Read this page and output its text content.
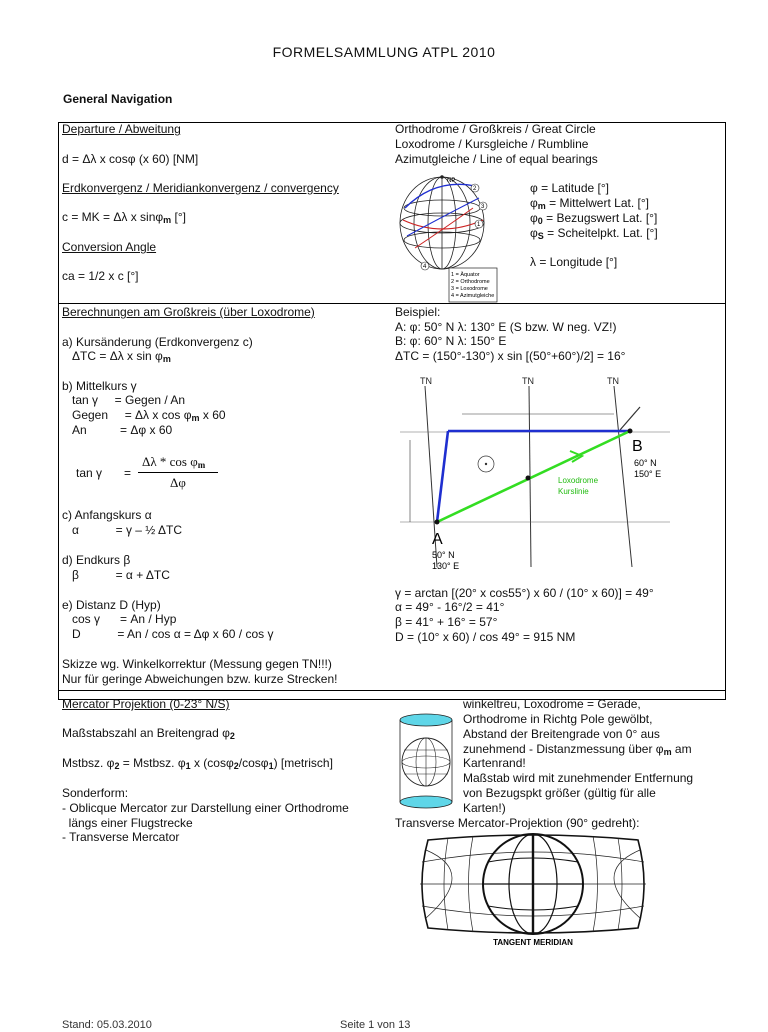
FORMELSAMMLUNG ATPL 2010
General Navigation
Departure / Abweitung
d = Δλ x cosφ (x 60) [NM]
Erdkonvergenz / Meridiankonvergenz / convergency
c = MK = Δλ x sinφ$_m$ [°]
Conversion Angle
ca = 1/2 x c [°]
Orthodrome / Großkreis / Great Circle
Loxodrome / Kursgleiche / Rumbline
Azimutgleiche / Line of equal bearings
NP
2
3
1
4
1 = Äquator
2 = Orthodrome
3 = Loxodrome
4 = Azimutgleiche
φ = Latitude [°]
$\varphi_m$ = Mittelwert Lat. [°]
$\varphi_0$ = Bezugswert Lat. [°]
$\varphi_S$ = Scheitelpkt. Lat. [°]
λ = Longitude [°]
Berechnungen am Großkreis (über Loxodrome)
a) Kursänderung (Erdkonvergenz c)
ΔTC = Δλ x $\sin \varphi_m$
b) Mittelkurs γ
tan γ     = Gegen / An
Gegen     = Δλ x $\cos \varphi_m$ x 60
An          = Δφ x 60
tan γ =
Δλ * $\cos \varphi_m$
Δφ
c) Anfangskurs α
α           = γ – ½ ΔTC
d) Endkurs β
β           = α + ΔTC
e) Distanz D (Hyp)
cos γ      = An / Hyp
D           = An / cos α = Δφ x 60 / cos γ
Skizze wg. Winkelkorrektur (Messung gegen TN!!!)
Nur für geringe Abweichungen bzw. kurze Strecken!
Beispiel:
A: φ: 50° N λ: 130° E (S bzw. W neg. VZ!)
B: φ: 60° N λ: 150° E
ΔTC = (150°-130°) x sin [(50°+60°)/2] = 16°
TN	TN	TN
A
50° N
130° E
B
60° N
150° E
Loxodrome
Kurslinie
γ = arctan [(20° x cos55°) x 60 / (10° x 60)] = 49°
α = 49° - 16°/2 = 41°
β = 41° + 16° = 57°
D = (10° x 60) / cos 49° = 915 NM
Mercator Projektion (0-23° N/S)
Maßstabszahl an Breitengrad $\varphi_2$
Mstbsz. $\varphi_2$ = Mstbsz. $\varphi_1$ x (cosφ$_2$/cosφ$_1$) [metrisch]
Sonderform:
- Oblicque Mercator zur Darstellung einer Orthodrome
längs einer Flugstrecke
- Transverse Mercator
winkeltreu, Loxodrome = Gerade,
Orthodrome in Richtg Pole gewölbt,
Abstand der Breitengrade von 0° aus
zunehmend - Distanzmessung über $\varphi_m$ am
Kartenrand!
Maßstab wird mit zunehmender Entfernung
von Bezugspkt größer (gültig für alle
Karten!)
Transverse Mercator-Projektion (90° gedreht):
TANGENT MERIDIAN
Stand: 05.03.2010	Seite 1 von 13
